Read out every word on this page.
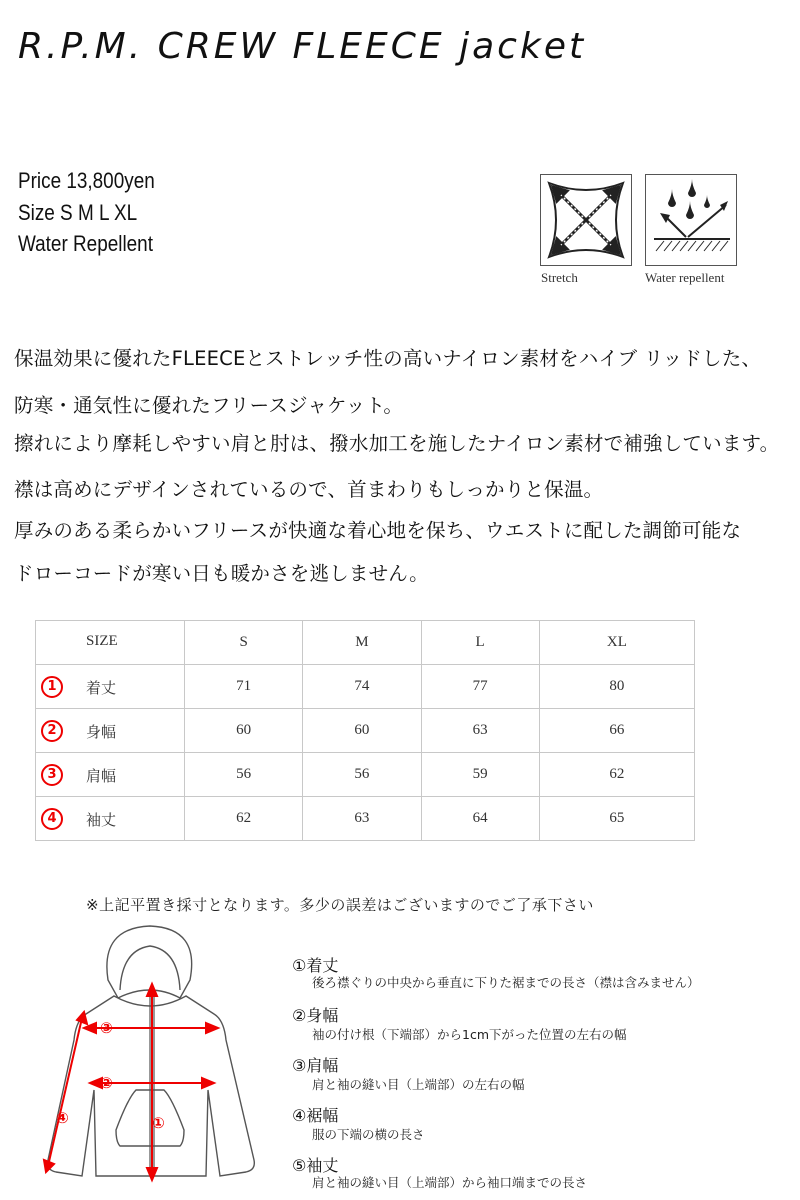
R.P.M. CREW FLEECE jacket
Price 13,800yen
Size S M L XL
Water Repellent
Stretch	Water repellent
保温効果に優れたFLEECEとストレッチ性の高いナイロン素材をハイブ リッドした、
防寒・通気性に優れたフリースジャケット。
擦れにより摩耗しやすい肩と肘は、撥水加工を施したナイロン素材で補強しています。
襟は高めにデザインされているので、首まわりもしっかりと保温。
厚みのある柔らかいフリースが快適な着心地を保ち、ウエストに配した調節可能な
ドローコードが寒い日も暖かさを逃しません。
SIZE	S	M	L	XL

1 着丈	71	74	77	80

2 身幅	60	60	63	66

3 肩幅	56	56	59	62

4 袖丈	62	63	64	65
※上記平置き採寸となります。多少の誤差はございますのでご了承下さい
③
②
④	①
①着丈
後ろ襟ぐりの中央から垂直に下りた裾までの長さ（襟は含みません）
②身幅
袖の付け根（下端部）から1cm下がった位置の左右の幅
③肩幅
肩と袖の縫い目（上端部）の左右の幅
④裾幅
服の下端の横の長さ
⑤袖丈
肩と袖の縫い目（上端部）から袖口端までの長さ
